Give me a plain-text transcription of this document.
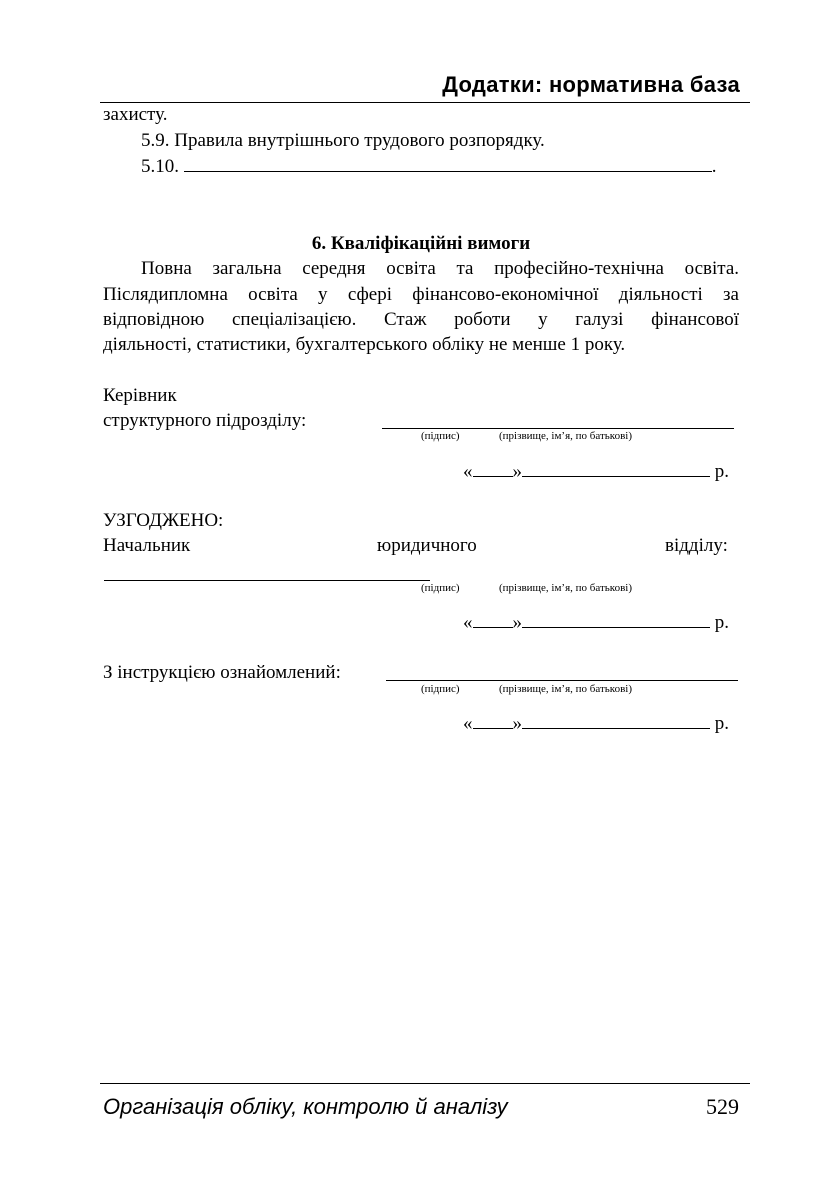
Додатки: нормативна база
захисту.
5.9. Правила внутрішнього трудового розпорядку.
5.10.	.
6. Кваліфікаційні вимоги
Повна загальна середня освіта та професійно-технічна освіта.
Післядипломна освіта у сфері фінансово-економічної діяльності за
відповідною спеціалізацією. Стаж роботи у галузі фінансової
діяльності, статистики, бухгалтерського обліку не менше 1 року.
Керівник
структурного підрозділу:
(підпис)	(прізвище, ім’я, по батькові)
« »	р.
УЗГОДЖЕНО:
Начальник	юридичного	відділу:
(підпис)	(прізвище, ім’я, по батькові)
« »	р.
З інструкцією ознайомлений:
(підпис)	(прізвище, ім’я, по батькові)
« »	р.
Організація обліку, контролю й аналізу	529
